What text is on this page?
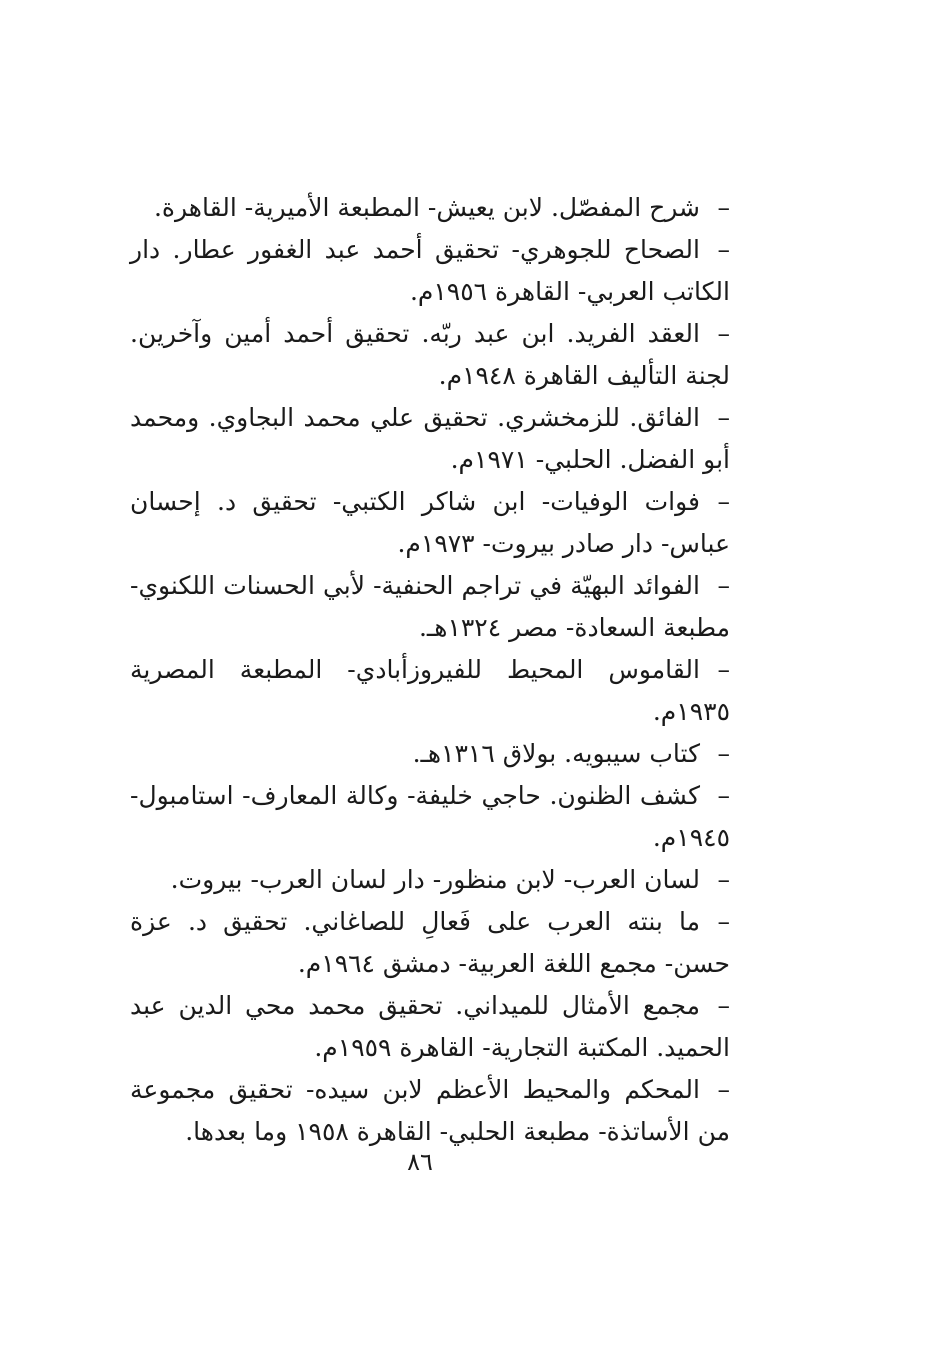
–شرح المفصّل. لابن يعيش- المطبعة الأميرية- القاهرة.
–الصحاح للجوهري- تحقيق أحمد عبد الغفور عطار. دار الكاتب العربي- القاهرة ١٩٥٦م.
–العقد الفريد. ابن عبد ربّه. تحقيق أحمد أمين وآخرين. لجنة التأليف القاهرة ١٩٤٨م.
–الفائق. للزمخشري. تحقيق علي محمد البجاوي. ومحمد أبو الفضل. الحلبي- ١٩٧١م.
–فوات الوفيات- ابن شاكر الكتبي- تحقيق د. إحسان عباس- دار صادر بيروت- ١٩٧٣م.
–الفوائد البهيّة في تراجم الحنفية- لأبي الحسنات اللكنوي- مطبعة السعادة- مصر ١٣٢٤هـ.
–القاموس المحيط للفيروزأبادي- المطبعة المصرية ١٩٣٥م.
–كتاب سيبويه. بولاق ١٣١٦هـ.
–كشف الظنون. حاجي خليفة- وكالة المعارف- استامبول- ١٩٤٥م.
–لسان العرب- لابن منظور- دار لسان العرب- بيروت.
–ما بنته العرب على فَعالِ للصاغاني. تحقيق د. عزة حسن- مجمع اللغة العربية- دمشق ١٩٦٤م.
–مجمع الأمثال للميداني. تحقيق محمد محي الدين عبد الحميد. المكتبة التجارية- القاهرة ١٩٥٩م.
–المحكم والمحيط الأعظم لابن سيده- تحقيق مجموعة من الأساتذة- مطبعة الحلبي- القاهرة ١٩٥٨ وما بعدها.
٨٦
